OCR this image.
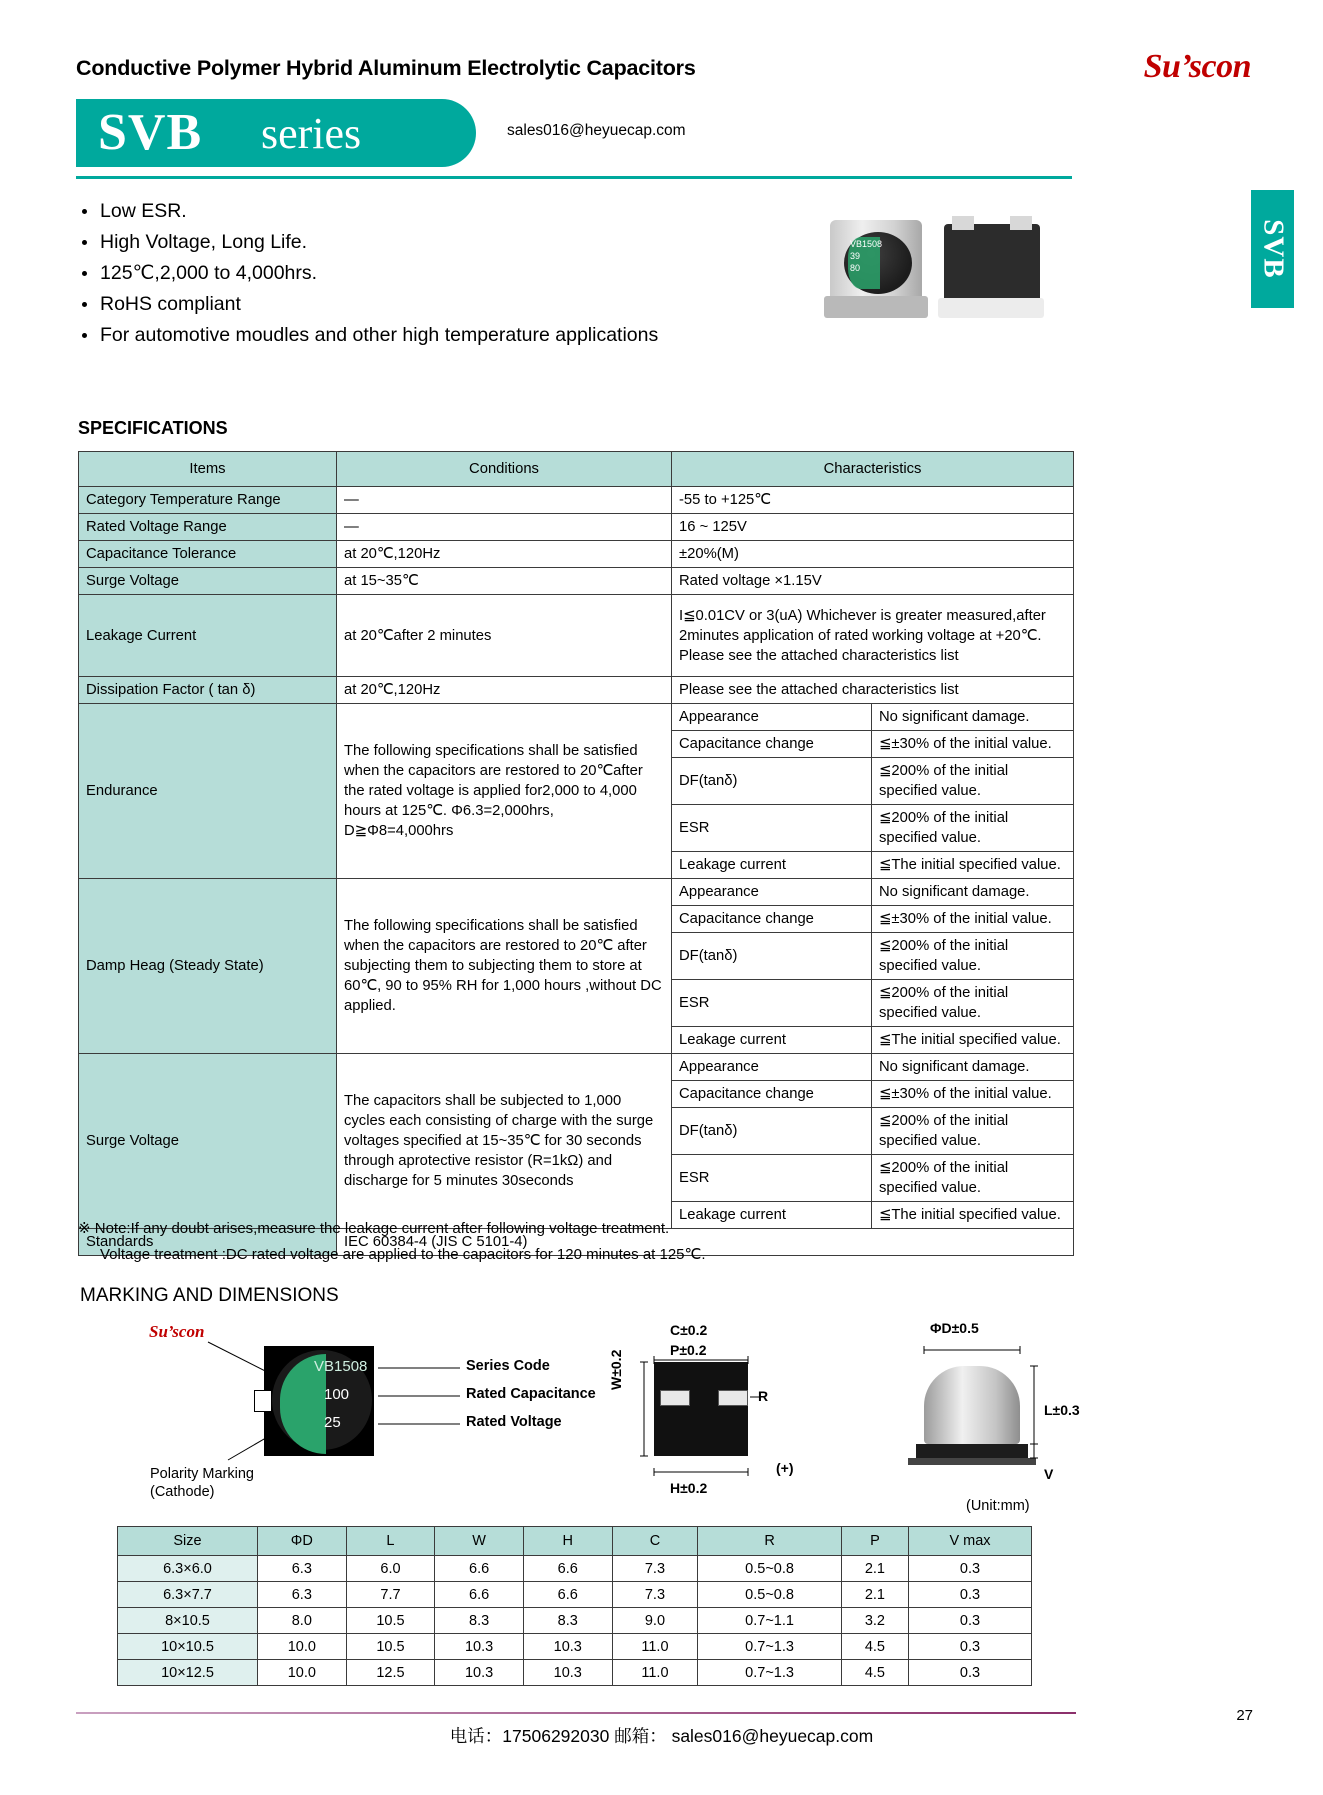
Conductive Polymer Hybrid Aluminum Electrolytic Capacitors	Su’scon
SVB series	sales016@heyuecap.com
SVB
Low ESR.
High Voltage, Long Life.
125℃,2,000 to 4,000hrs.
RoHS compliant
For automotive moudles and other high temperature applications
VB1508
39
80
SPECIFICATIONS
Items	Conditions	Characteristics
Category Temperature Range	—	-55 to +125℃
Rated Voltage Range	—	16 ~ 125V
Capacitance Tolerance	at 20℃,120Hz	±20%(M)
Surge Voltage	at 15~35℃	Rated voltage ×1.15V
Leakage Current	at 20℃after 2 minutes	I≦0.01CV or 3(uA) Whichever is greater measured,after 2minutes application of rated working voltage at +20℃. Please see the attached characteristics list
Dissipation Factor ( tan δ)	at 20℃,120Hz	Please see the attached characteristics list
Endurance	The following specifications shall be satisfied when the capacitors are restored to 20℃after the rated voltage is applied for2,000 to 4,000 hours at 125℃. Φ6.3=2,000hrs, D≧Φ8=4,000hrs	
Appearance	No significant damage.
Capacitance change	≦±30% of the initial value.
DF(tanδ)	≦200% of the initial specified value.
ESR	≦200% of the initial specified value.
Leakage current	≦The initial specified value.

Damp Heag (Steady State)	The following specifications shall be satisfied when the capacitors are restored to 20℃ after subjecting them to subjecting them to store at 60℃, 90 to 95% RH for 1,000 hours ,without DC applied.	
Appearance	No significant damage.
Capacitance change	≦±30% of the initial value.
DF(tanδ)	≦200% of the initial specified value.
ESR	≦200% of the initial specified value.
Leakage current	≦The initial specified value.

Surge Voltage	The capacitors shall be subjected to 1,000 cycles each consisting of charge with the surge voltages specified at 15~35℃ for 30 seconds through aprotective resistor (R=1kΩ) and discharge for 5 minutes 30seconds	
Appearance	No significant damage.
Capacitance change	≦±30% of the initial value.
DF(tanδ)	≦200% of the initial specified value.
ESR	≦200% of the initial specified value.
Leakage current	≦The initial specified value.

Standards	IEC 60384-4 (JIS C 5101-4)
※ Note:If any doubt arises,measure the leakage current after following voltage treatment.
Voltage treatment :DC rated voltage are applied to the capacitors for 120 minutes at 125℃.
MARKING AND DIMENSIONS
Su’scon
VB1508
100
25
Series Code
Rated Capacitance
Rated Voltage
Polarity Marking
(Cathode)
C±0.2
P±0.2
W±0.2
R
H±0.2
(+)
ΦD±0.5
L±0.3
V
(Unit:mm)
Size	ΦD	L	W	H	C	R	P	V max
6.3×6.0	6.3	6.0	6.6	6.6	7.3	0.5~0.8	2.1	0.3
6.3×7.7	6.3	7.7	6.6	6.6	7.3	0.5~0.8	2.1	0.3
8×10.5	8.0	10.5	8.3	8.3	9.0	0.7~1.1	3.2	0.3
10×10.5	10.0	10.5	10.3	10.3	11.0	0.7~1.3	4.5	0.3
10×12.5	10.0	12.5	10.3	10.3	11.0	0.7~1.3	4.5	0.3
电话：17506292030 邮箱： sales016@heyuecap.com
27
